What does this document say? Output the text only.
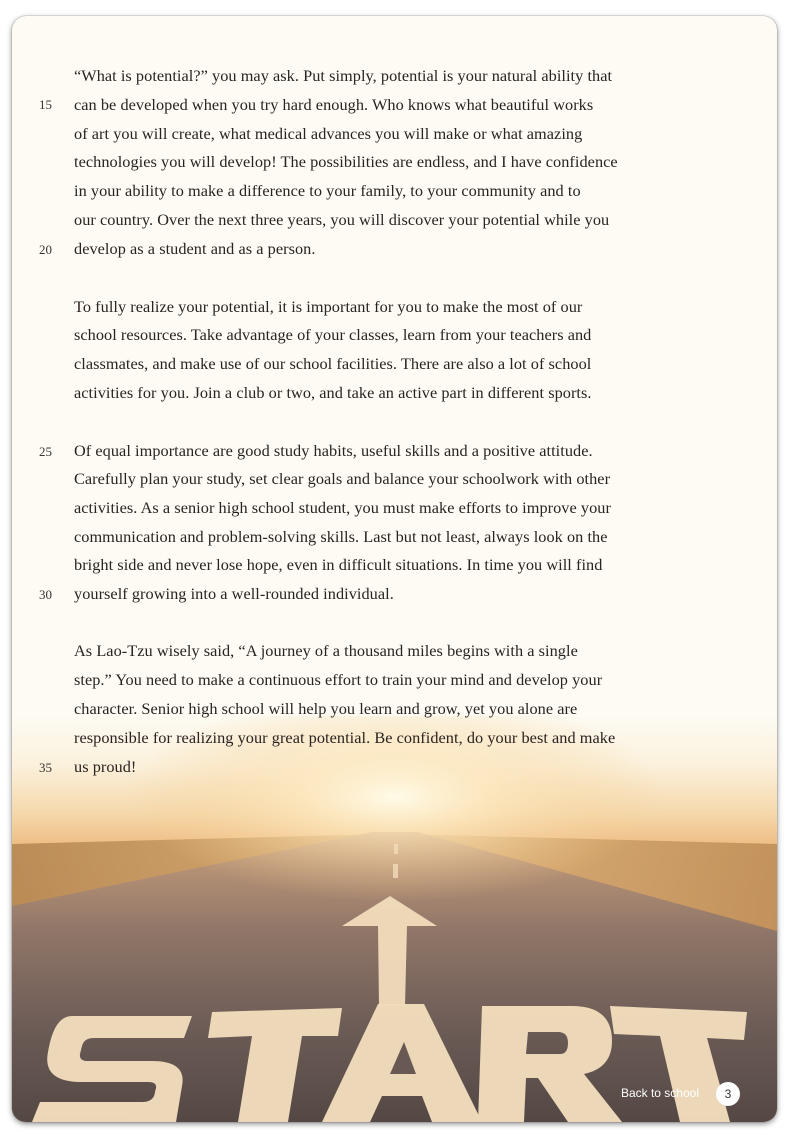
“What is potential?” you may ask. Put simply, potential is your natural ability that
15 can be developed when you try hard enough. Who knows what beautiful works
of art you will create, what medical advances you will make or what amazing
technologies you will develop! The possibilities are endless, and I have confidence
in your ability to make a difference to your family, to your community and to
our country. Over the next three years, you will discover your potential while you
20 develop as a student and as a person.
To fully realize your potential, it is important for you to make the most of our
school resources. Take advantage of your classes, learn from your teachers and
classmates, and make use of our school facilities. There are also a lot of school
activities for you. Join a club or two, and take an active part in different sports.
25 Of equal importance are good study habits, useful skills and a positive attitude.
Carefully plan your study, set clear goals and balance your schoolwork with other
activities. As a senior high school student, you must make efforts to improve your
communication and problem-solving skills. Last but not least, always look on the
bright side and never lose hope, even in difficult situations. In time you will find
30 yourself growing into a well-rounded individual.
As Lao-Tzu wisely said, “A journey of a thousand miles begins with a single
step.” You need to make a continuous effort to train your mind and develop your
character. Senior high school will help you learn and grow, yet you alone are
responsible for realizing your great potential. Be confident, do your best and make
35 us proud!
Back to school	3
